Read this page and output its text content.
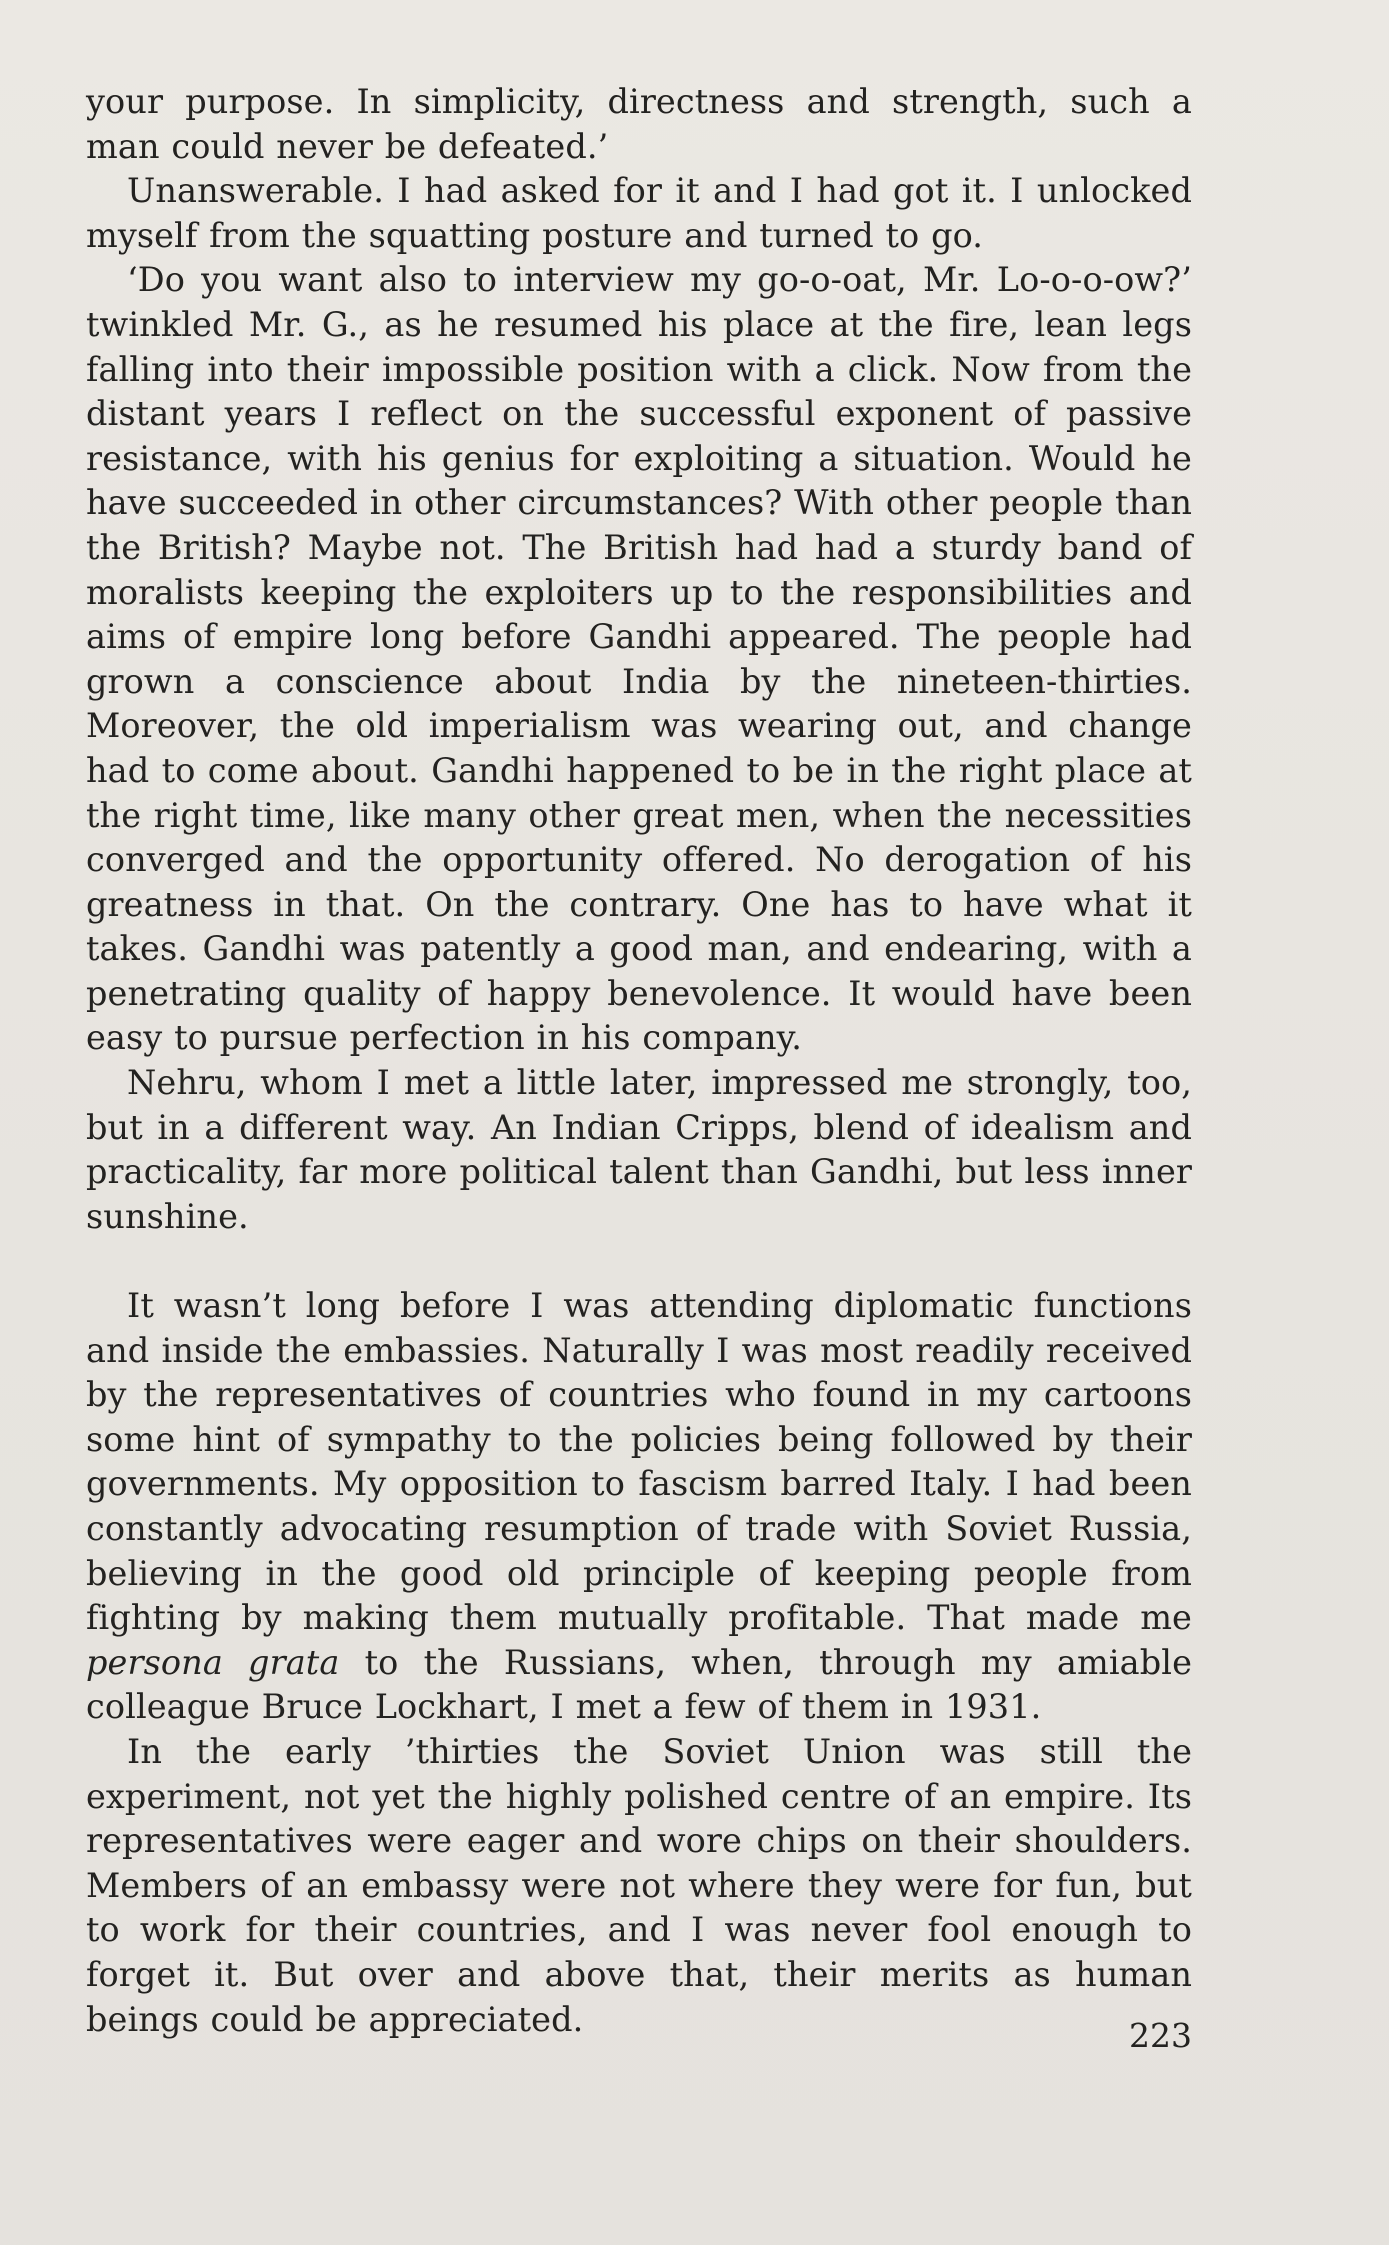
your purpose. In simplicity, directness and strength, such a man could never be defeated.’

Unanswerable. I had asked for it and I had got it. I unlocked myself from the squatting posture and turned to go.

‘Do you want also to interview my go-o-oat, Mr. Lo-o-o-ow?’ twinkled Mr. G., as he resumed his place at the fire, lean legs falling into their impossible position with a click. Now from the distant years I reflect on the successful exponent of passive resistance, with his genius for exploiting a situation. Would he have succeeded in other circumstances? With other people than the British? Maybe not. The British had had a sturdy band of moralists keeping the exploiters up to the responsibilities and aims of empire long before Gandhi appeared. The people had grown a conscience about India by the nineteen-thirties. Moreover, the old imperialism was wearing out, and change had to come about. Gandhi happened to be in the right place at the right time, like many other great men, when the necessities converged and the opportunity offered. No derogation of his greatness in that. On the contrary. One has to have what it takes. Gandhi was patently a good man, and endearing, with a penetrating quality of happy benevolence. It would have been easy to pursue perfection in his company.

Nehru, whom I met a little later, impressed me strongly, too, but in a different way. An Indian Cripps, blend of idealism and practicality, far more political talent than Gandhi, but less inner sunshine.

It wasn’t long before I was attending diplomatic functions and inside the embassies. Naturally I was most readily received by the representatives of countries who found in my cartoons some hint of sympathy to the policies being followed by their governments. My opposition to fascism barred Italy. I had been constantly advocating resumption of trade with Soviet Russia, believing in the good old principle of keeping people from fighting by making them mutually profitable. That made me persona grata to the Russians, when, through my amiable colleague Bruce Lockhart, I met a few of them in 1931.

In the early ’thirties the Soviet Union was still the experiment, not yet the highly polished centre of an empire. Its representatives were eager and wore chips on their shoulders. Members of an embassy were not where they were for fun, but to work for their countries, and I was never fool enough to forget it. But over and above that, their merits as human beings could be appreciated.	223
